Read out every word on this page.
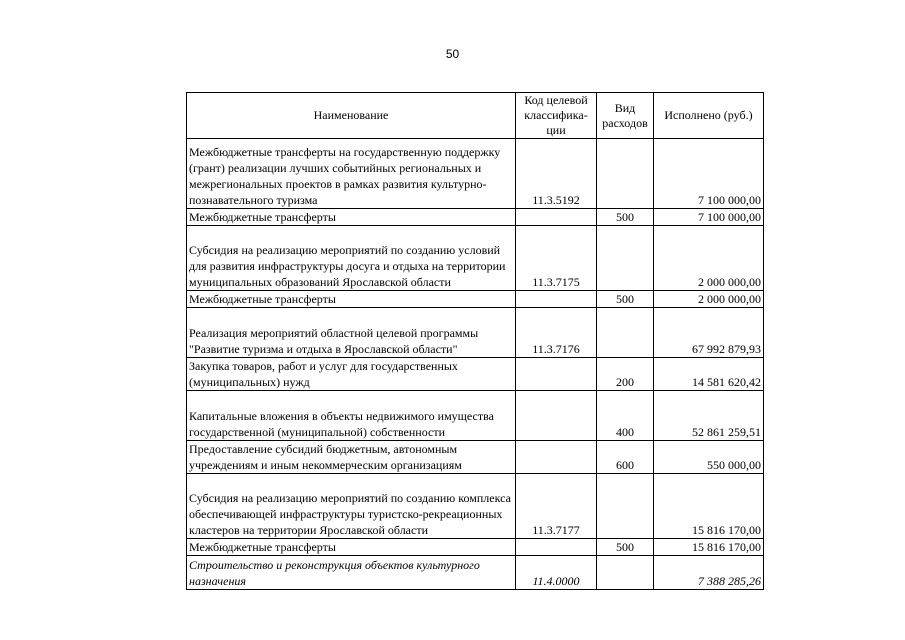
50
Наименование	Код целевой классифика-ции	Вид расходов	Исполнено (руб.)
Межбюджетные трансферты на государственную поддержку (грант) реализации лучших событийных региональных и межрегиональных проектов в рамках развития культурно-познавательного туризма	11.3.5192		7 100 000,00
Межбюджетные трансферты		500	7 100 000,00
Субсидия на реализацию мероприятий по созданию условий для развития инфраструктуры досуга и отдыха на территории муниципальных образований Ярославской области	11.3.7175		2 000 000,00
Межбюджетные трансферты		500	2 000 000,00
Реализация мероприятий областной целевой программы "Развитие туризма и отдыха в Ярославской области"	11.3.7176		67 992 879,93
Закупка товаров, работ и услуг для государственных (муниципальных) нужд		200	14 581 620,42
Капитальные вложения в объекты недвижимого имущества государственной (муниципальной) собственности		400	52 861 259,51
Предоставление субсидий бюджетным, автономным учреждениям и иным некоммерческим организациям		600	550 000,00
Субсидия на реализацию мероприятий по созданию комплекса обеспечивающей инфраструктуры туристско-рекреационных кластеров на территории Ярославской области	11.3.7177		15 816 170,00
Межбюджетные трансферты		500	15 816 170,00
Строительство и реконструкция объектов культурного назначения	11.4.0000		7 388 285,26
